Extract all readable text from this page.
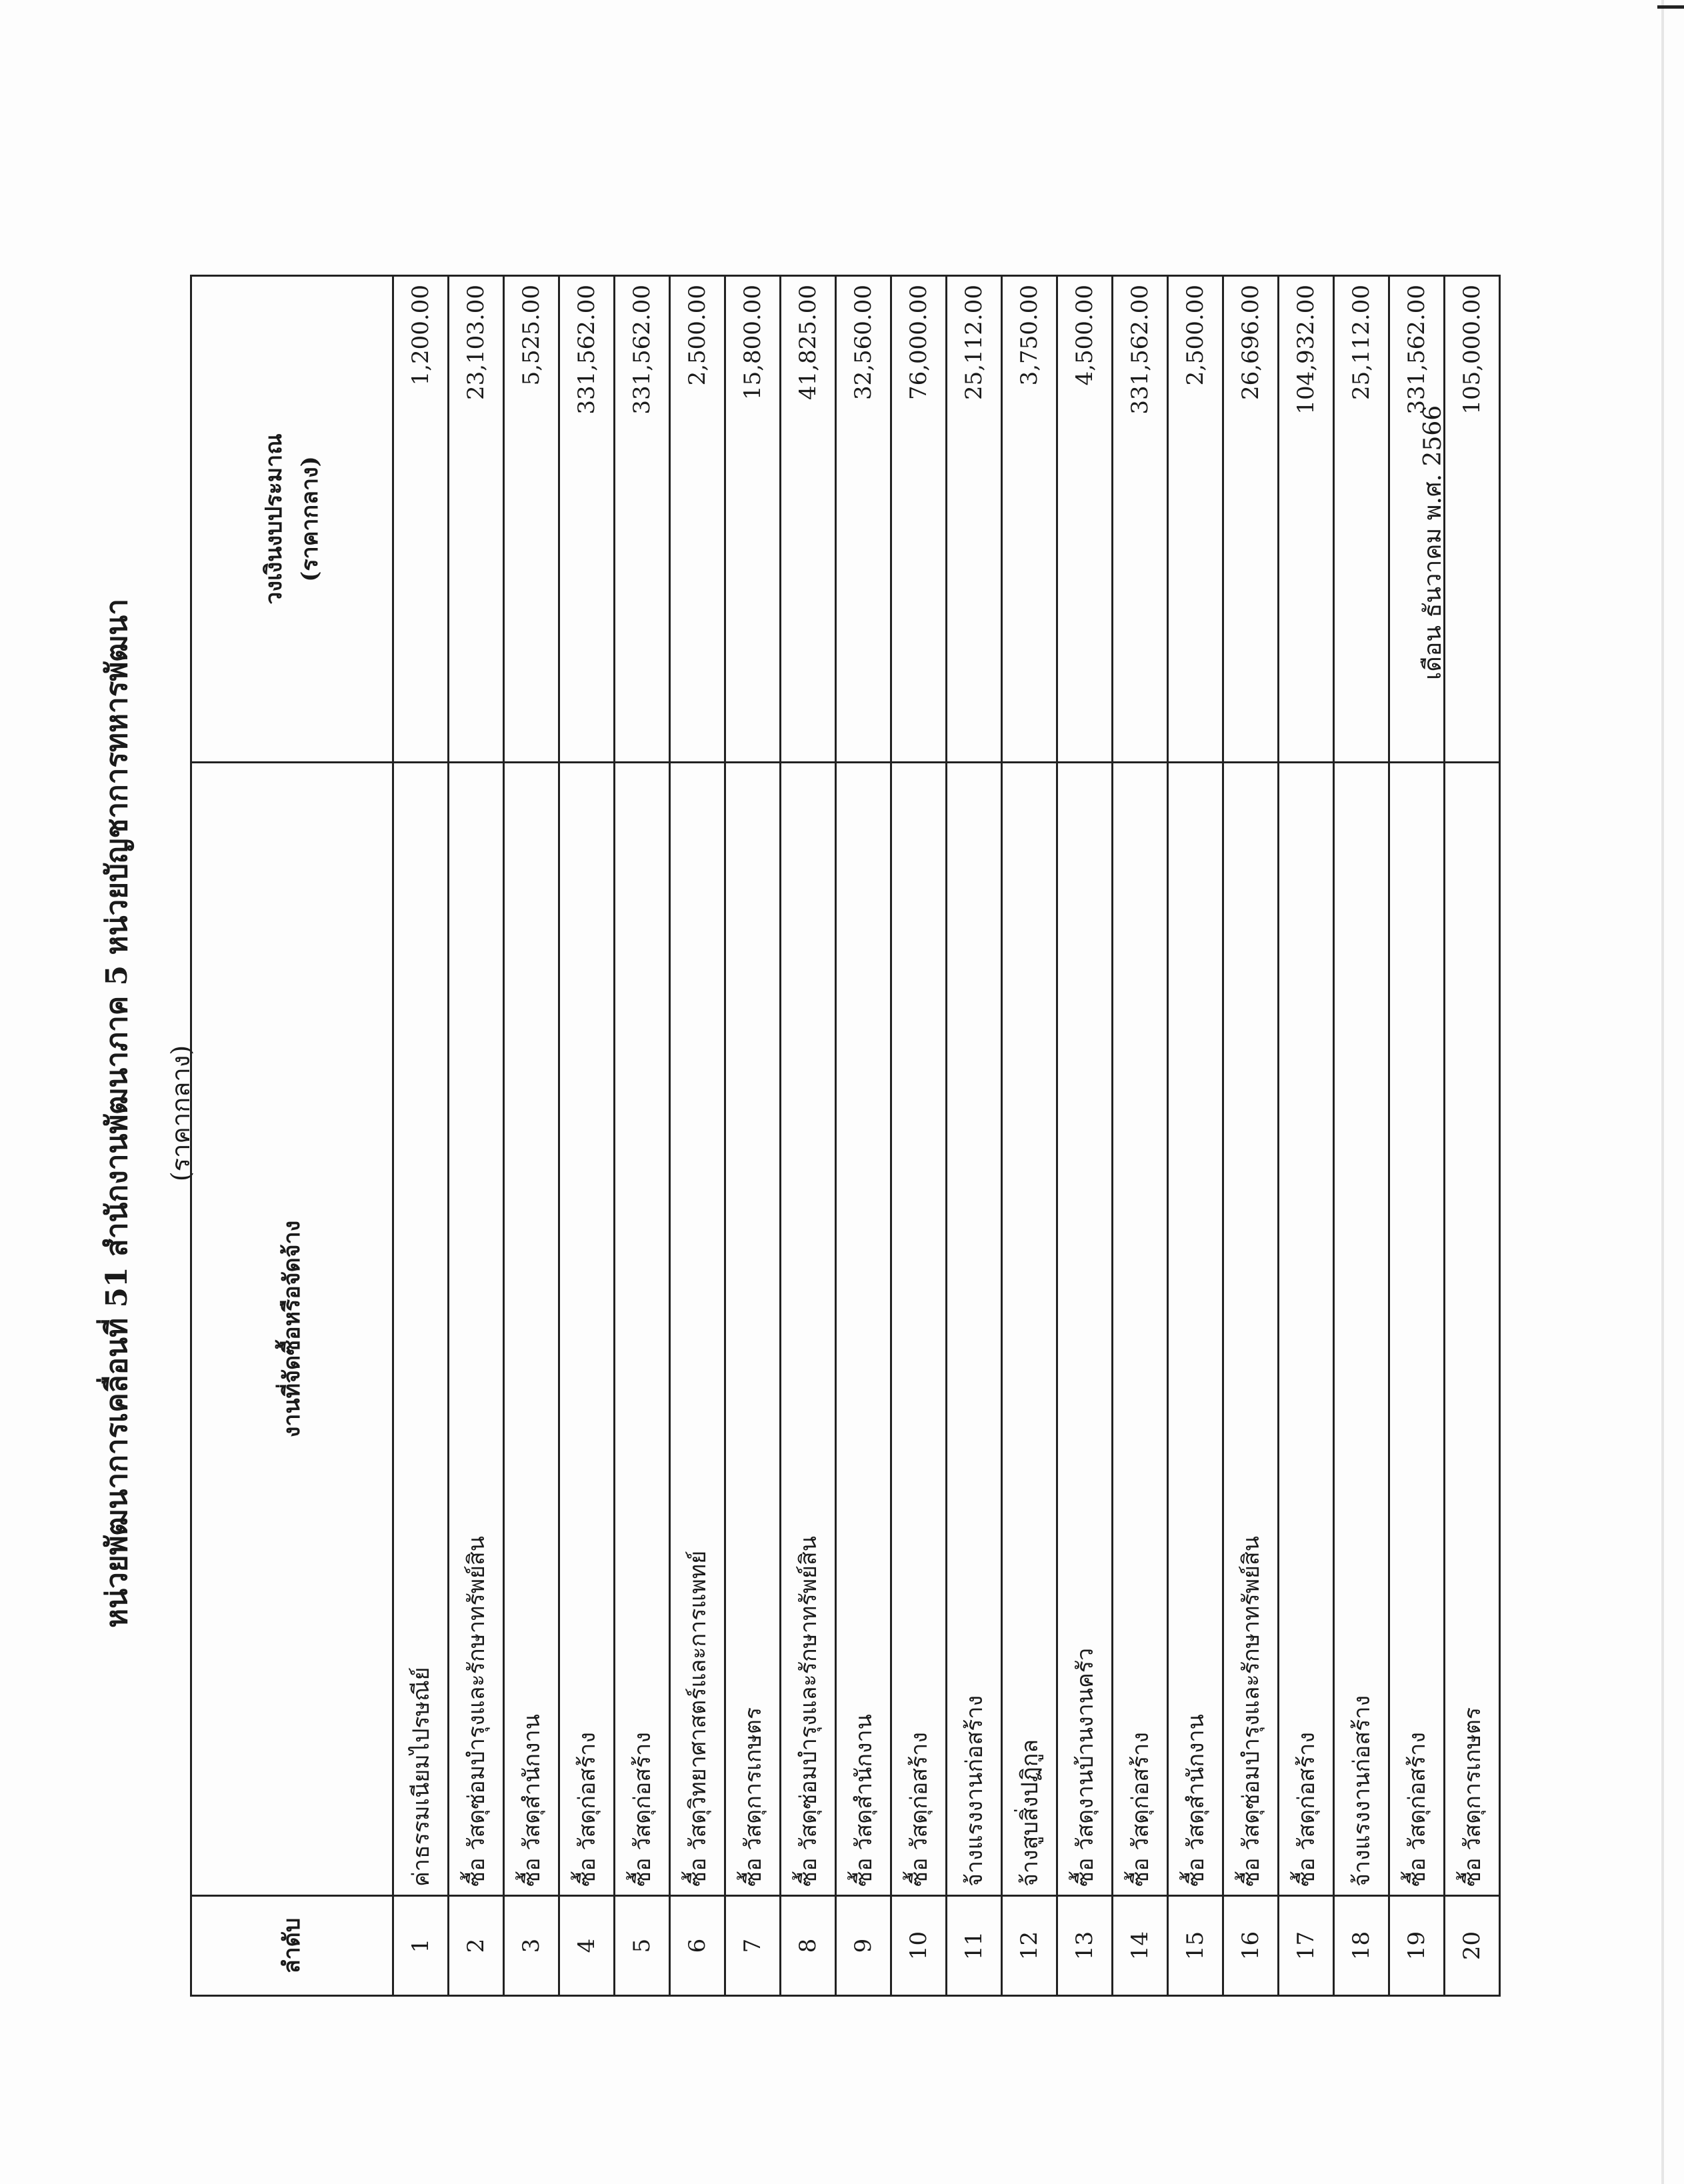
หน่วยพัฒนาการเคลื่อนที่ 51 สำนักงานพัฒนาภาค 5 หน่วยบัญชาการทหารพัฒนา (ราคากลาง)
ลำดับ	งานที่จัดซื้อหรือจัดจ้าง	วงเงินงบประมาณ (ราคากลาง)

1	ค่าธรรมเนียมไปรษณีย์	1,200.00
2	ซื้อ วัสดุซ่อมบำรุงและรักษาทรัพย์สิน	23,103.00
3	ซื้อ วัสดุสำนักงาน	5,525.00
4	ซื้อ วัสดุก่อสร้าง	331,562.00
5	ซื้อ วัสดุก่อสร้าง	331,562.00
6	ซื้อ วัสดุวิทยาศาสตร์และการแพทย์	2,500.00
7	ซื้อ วัสดุการเกษตร	15,800.00
8	ซื้อ วัสดุซ่อมบำรุงและรักษาทรัพย์สิน	41,825.00
9	ซื้อ วัสดุสำนักงาน	32,560.00
10	ซื้อ วัสดุก่อสร้าง	76,000.00
11	จ้างแรงงานก่อสร้าง	25,112.00
12	จ้างสูบสิ่งปฏิกูล	3,750.00
13	ซื้อ วัสดุงานบ้านงานครัว	4,500.00
14	ซื้อ วัสดุก่อสร้าง	331,562.00
15	ซื้อ วัสดุสำนักงาน	2,500.00
16	ซื้อ วัสดุซ่อมบำรุงและรักษาทรัพย์สิน	26,696.00
17	ซื้อ วัสดุก่อสร้าง	104,932.00
18	จ้างแรงงานก่อสร้าง	25,112.00
19	ซื้อ วัสดุก่อสร้าง	331,562.00
20	ซื้อ วัสดุการเกษตร	105,000.00
เดือน ธันวาคม พ.ศ. 2566
